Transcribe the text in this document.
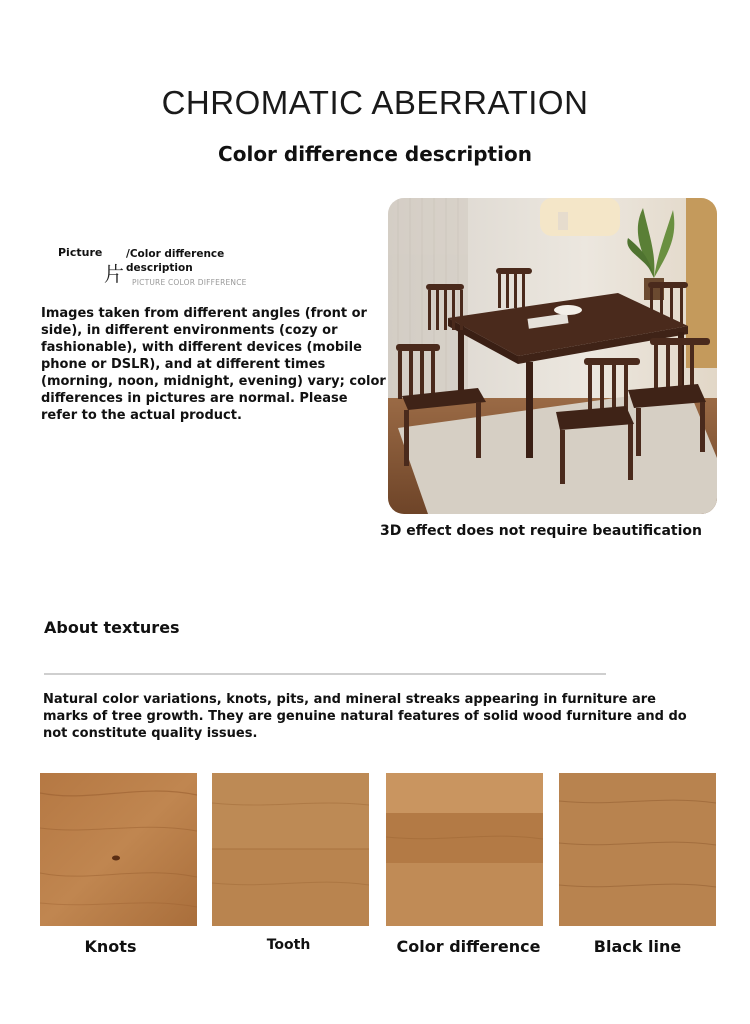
CHROMATIC ABERRATION
Color difference description
Picture
片
/Color difference description
PICTURE COLOR DIFFERENCE
Images taken from different angles (front or side), in different environments (cozy or fashionable), with different devices (mobile phone or DSLR), and at different times (morning, noon, midnight, evening) vary; color differences in pictures are normal. Please refer to the actual product.
3D effect does not require beautification
About textures
Natural color variations, knots, pits, and mineral streaks appearing in furniture are marks of tree growth. They are genuine natural features of solid wood furniture and do not constitute quality issues.
Knots	Tooth	Color difference	Black line
